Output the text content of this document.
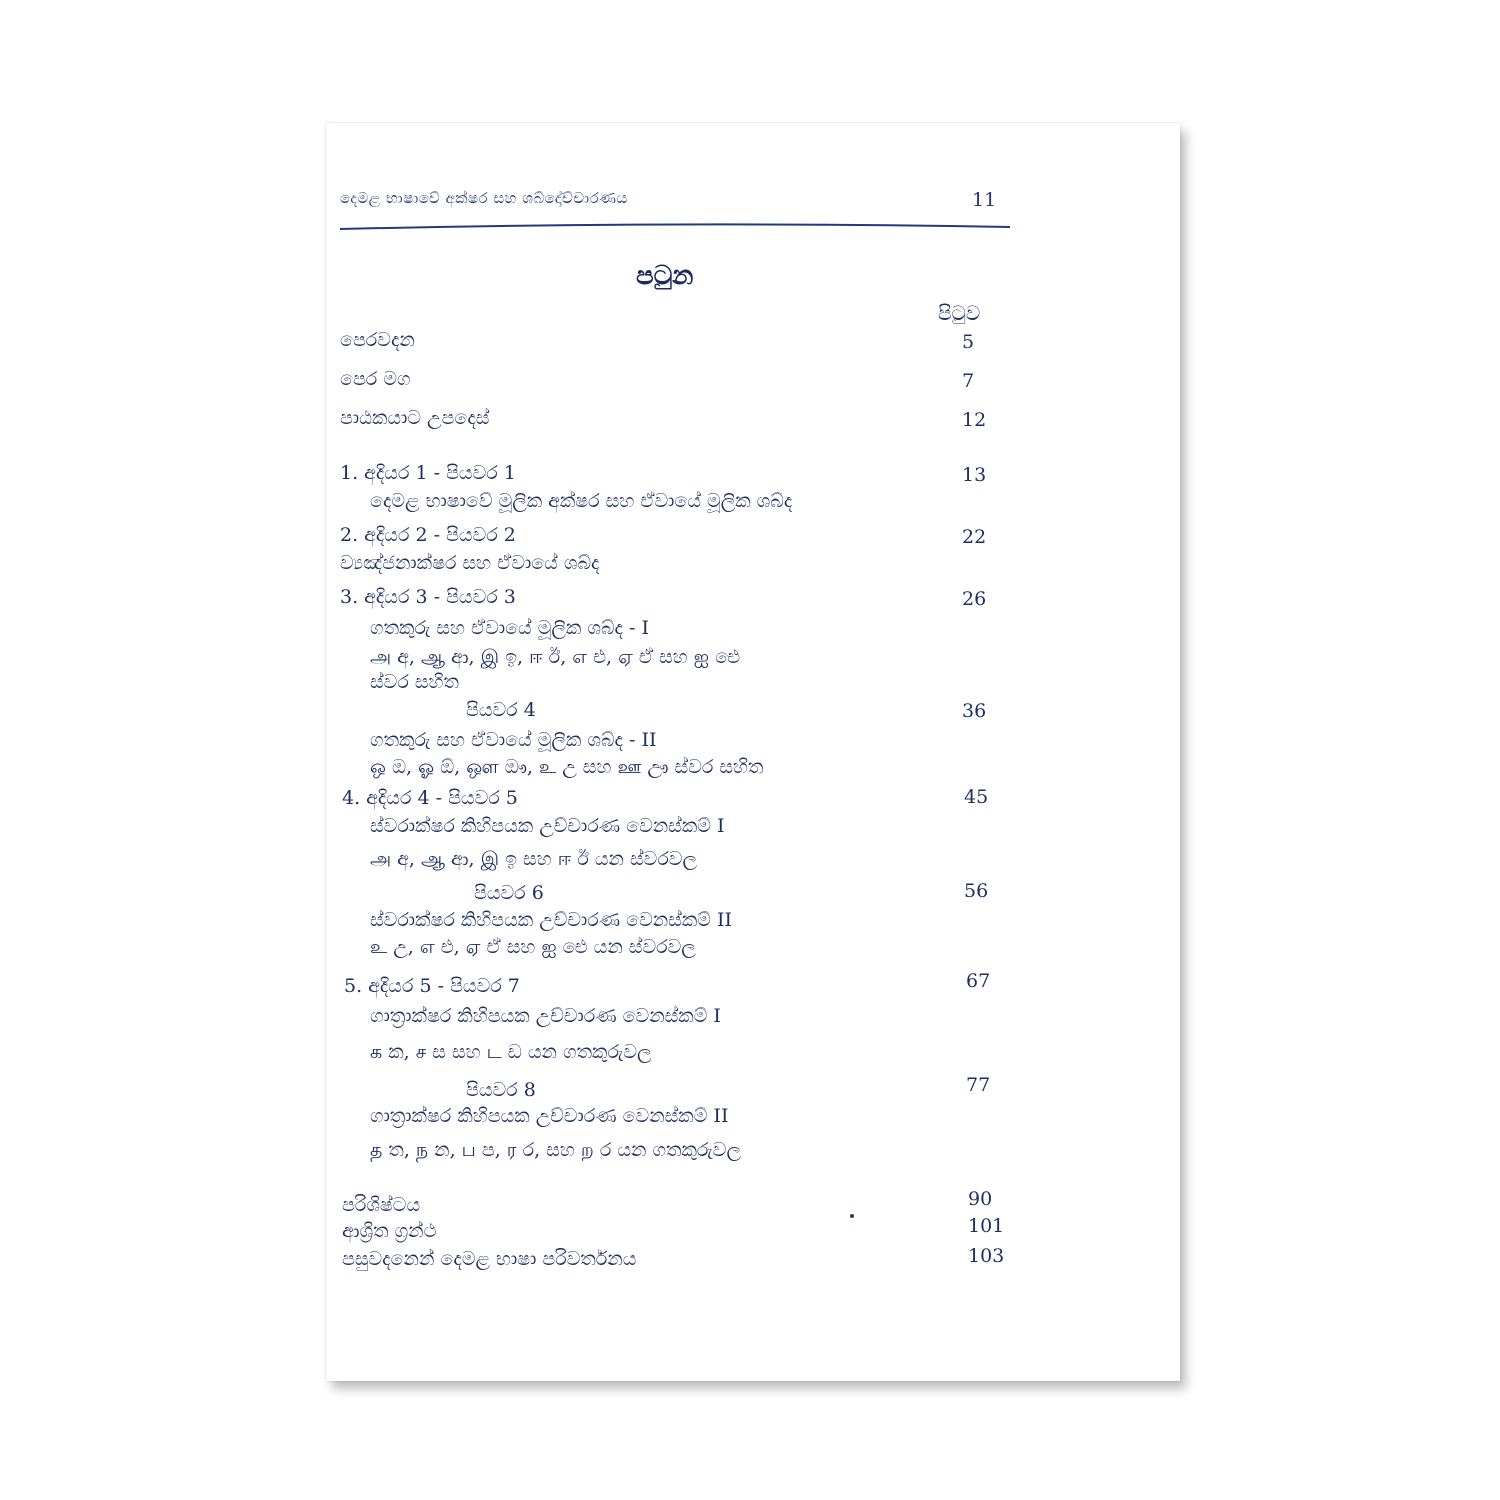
දෙමළ භාෂාවේ අක්ෂර සහ ශබ්දෝච්චාරණය	11
පටුන
පිටුව
පෙරවදන	5
පෙර මග	7
පාඨකයාට උපදෙස්	12
1. අදියර 1 - පියවර 1	13
දෙමළ භාෂාවේ මූලික අක්ෂර සහ ඒවායේ මූලික ශබ්ද
2. අදියර 2 - පියවර 2	22
ව්‍යඤ්ජනාක්ෂර සහ ඒවායේ ශබ්ද
3. අදියර 3 - පියවර 3	26
ගතකුරු සහ ඒවායේ මූලික ශබ්ද - I
அ අ, ஆ ආ, இ ඉ, ஈ ඊ, எ එ, ஏ ඒ සහ ஐ ඓ
ස්වර සහිත
පියවර 4	36
ගතකුරු සහ ඒවායේ මූලික ශබ්ද - II
ஒ ඔ, ஓ ඕ, ஔ ඖ, உ උ සහ ஊ ඌ ස්වර සහිත
4. අදියර 4 - පියවර 5	45
ස්වරාක්ෂර කිහිපයක උච්චාරණ වෙනස්කම් I
அ අ, ஆ ආ, இ ඉ සහ ஈ ඊ යන ස්වරවල
පියවර 6	56
ස්වරාක්ෂර කිහිපයක උච්චාරණ වෙනස්කම් II
உ උ, எ එ, ஏ ඒ සහ ஐ ඓ යන ස්වරවල
5. අදියර 5 - පියවර 7	67
ගාත්‍රාක්ෂර කිහිපයක උච්චාරණ වෙනස්කම් I
க ක, ச ස සහ ட ඩ යන ගතකුරුවල
පියවර 8	77
ගාත්‍රාක්ෂර කිහිපයක උච්චාරණ වෙනස්කම් II
த ත, ந න, ப ප, ர ර, සහ ற ර යන ගතකුරුවල
පරිශිෂ්ටය	90
ආශ්‍රිත ග්‍රන්ථ	101
පසුවදනෙන් දෙමළ භාෂා පරිවර්තනය	103
